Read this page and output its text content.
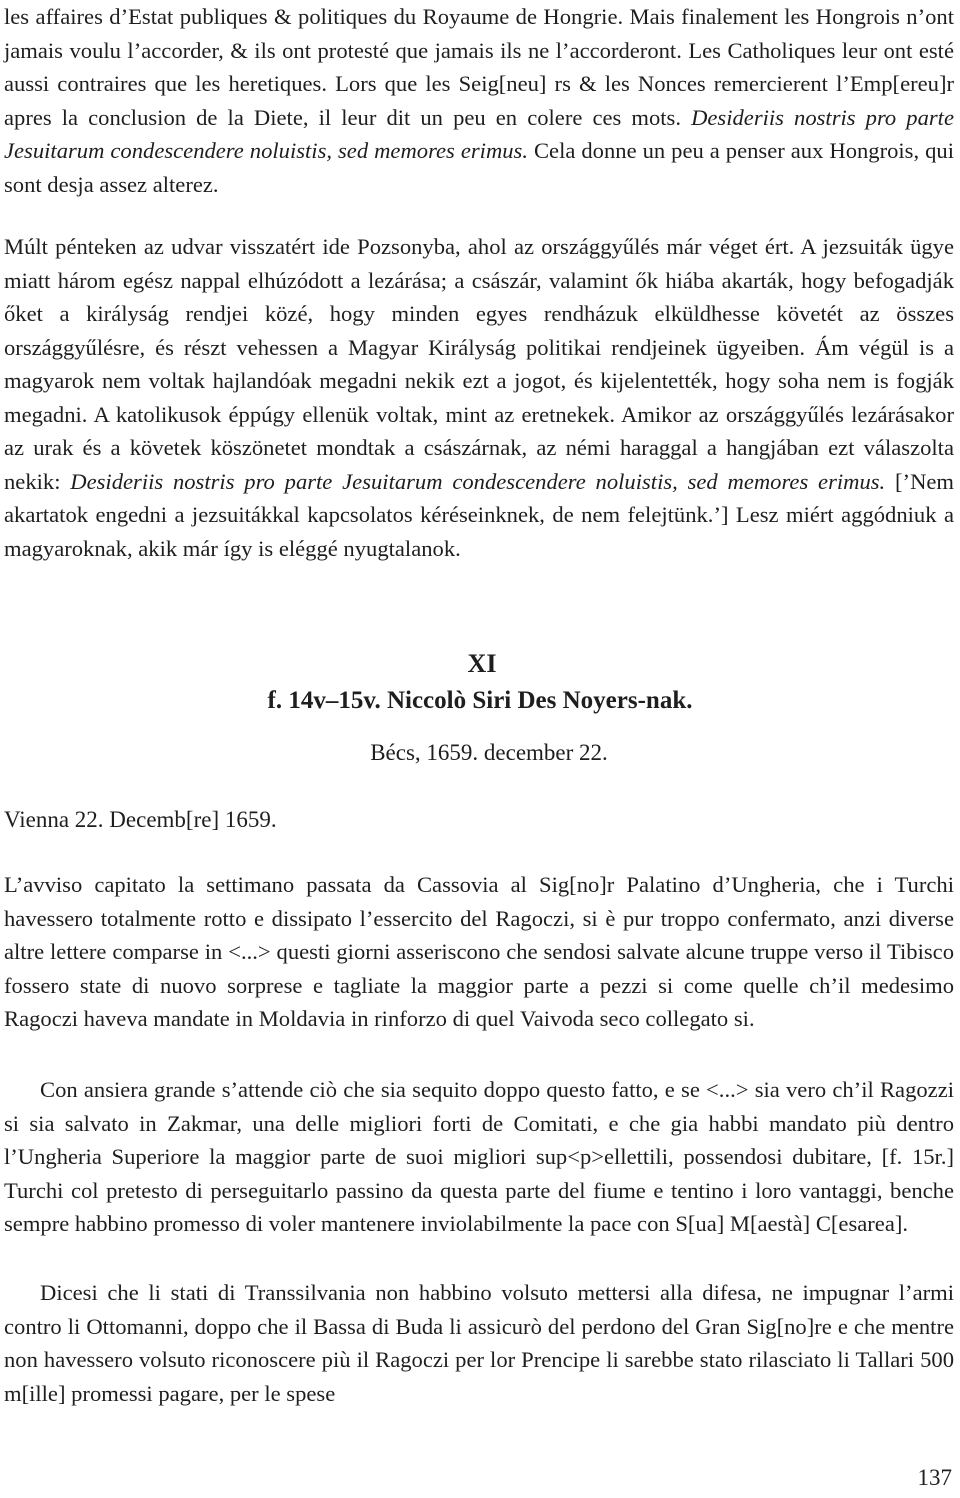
les affaires d’Estat publiques & politiques du Royaume de Hongrie. Mais finalement les Hongrois n’ont jamais voulu l’accorder, & ils ont protesté que jamais ils ne l’accorderont. Les Catholiques leur ont esté aussi contraires que les heretiques. Lors que les Seig[neu] rs & les Nonces remercierent l’Emp[ereu]r apres la conclusion de la Diete, il leur dit un peu en colere ces mots. Desideriis nostris pro parte Jesuitarum condescendere noluistis, sed memores erimus. Cela donne un peu a penser aux Hongrois, qui sont desja assez alterez.

Múlt pénteken az udvar visszatért ide Pozsonyba, ahol az országgyűlés már véget ért. A jezsuiták ügye miatt három egész nappal elhúzódott a lezárása; a császár, valamint ők hiába akarták, hogy befogadják őket a királyság rendjei közé, hogy minden egyes rendházuk elküldhesse követét az összes országgyűlésre, és részt vehessen a Magyar Királyság politikai rendjeinek ügyeiben. Ám végül is a magyarok nem voltak hajlandóak megadni nekik ezt a jogot, és kijelentették, hogy soha nem is fogják megadni. A katolikusok éppúgy ellenük voltak, mint az eretnekek. Amikor az országgyűlés lezárásakor az urak és a követek köszönetet mondtak a császárnak, az némi haraggal a hangjában ezt válaszolta nekik: Desideriis nostris pro parte Jesuitarum condescendere noluistis, sed memores erimus. [’Nem akartatok engedni a jezsuitákkal kapcsolatos kéréseinknek, de nem felejtünk.’] Lesz miért aggódniuk a magyaroknak, akik már így is eléggé nyugtalanok.

XI
f. 14v–15v. Niccolò Siri Des Noyers-nak.
Bécs, 1659. december 22.
Vienna 22. Decemb[re] 1659.

L’avviso capitato la settimano passata da Cassovia al Sig[no]r Palatino d’Ungheria, che i Turchi havessero totalmente rotto e dissipato l’essercito del Ragoczi, si è pur troppo confermato, anzi diverse altre lettere comparse in <...> questi giorni asseriscono che sendosi salvate alcune truppe verso il Tibisco fossero state di nuovo sorprese e tagliate la maggior parte a pezzi si come quelle ch’il medesimo Ragoczi haveva mandate in Moldavia in rinforzo di quel Vaivoda seco collegato si.

Con ansiera grande s’attende ciò che sia sequito doppo questo fatto, e se <...> sia vero ch’il Ragozzi si sia salvato in Zakmar, una delle migliori forti de Comitati, e che gia habbi mandato più dentro l’Ungheria Superiore la maggior parte de suoi migliori sup<p>ellettili, possendosi dubitare, [f. 15r.] Turchi col pretesto di perseguitarlo passino da questa parte del fiume e tentino i loro vantaggi, benche sempre habbino promesso di voler mantenere inviolabilmente la pace con S[ua] M[aestà] C[esarea].

Dicesi che li stati di Transsilvania non habbino volsuto mettersi alla difesa, ne impugnar l’armi contro li Ottomanni, doppo che il Bassa di Buda li assicurò del perdono del Gran Sig[no]re e che mentre non havessero volsuto riconoscere più il Ragoczi per lor Prencipe li sarebbe stato rilasciato li Tallari 500 m[ille] promessi pagare, per le spese

137
